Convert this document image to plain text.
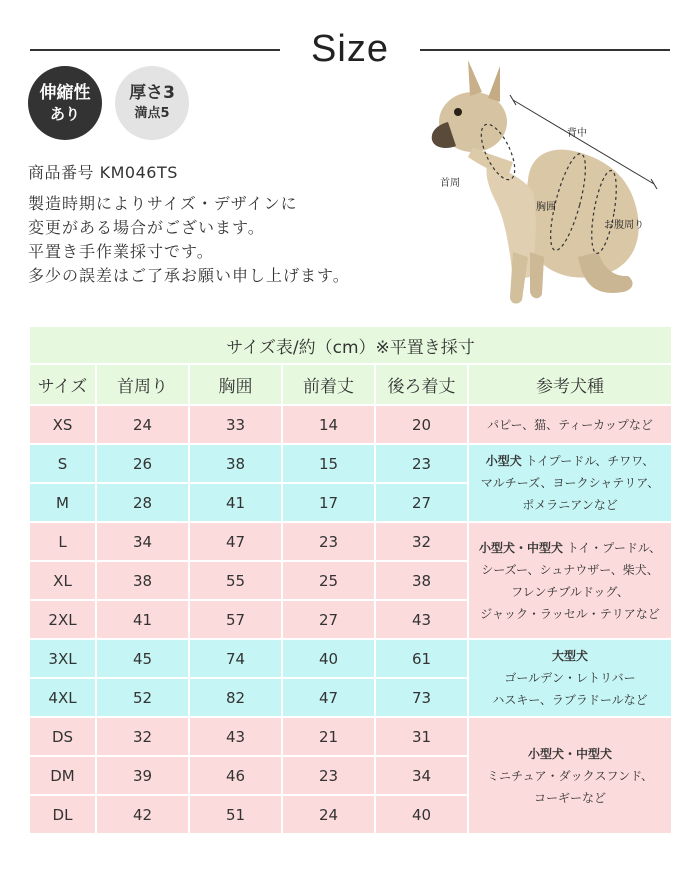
Size
伸縮性
あり
厚さ3
満点5
商品番号 KM046TS
製造時期によりサイズ・デザインに
変更がある場合がございます。
平置き手作業採寸です。
多少の誤差はご了承お願い申し上げます。
背中
首周
胸囲
お腹周り
サイズ表/約（cm）※平置き採寸					
サイズ	首周り	胸囲	前着丈	後ろ着丈	参考犬種
XS	24	33	14	20	パピー、猫、ティーカップなど

S	26	38	15	23	小型犬 トイプードル、チワワ、
マルチーズ、ヨークシャテリア、
ポメラニアンなど

M	28	41	17	27	
L	34	47	23	32	小型犬・中型犬 トイ・プードル、
シーズー、シュナウザー、柴犬、
フレンチブルドッグ、
ジャック・ラッセル・テリアなど

XL	38	55	25	38	
2XL	41	57	27	43	
3XL	45	74	40	61	大型犬
ゴールデン・レトリバー
ハスキー、ラブラドールなど

4XL	52	82	47	73	
DS	32	43	21	31	小型犬・中型犬
ミニチュア・ダックスフンド、
コーギーなど

DM	39	46	23	34	
DL	42	51	24	40	
